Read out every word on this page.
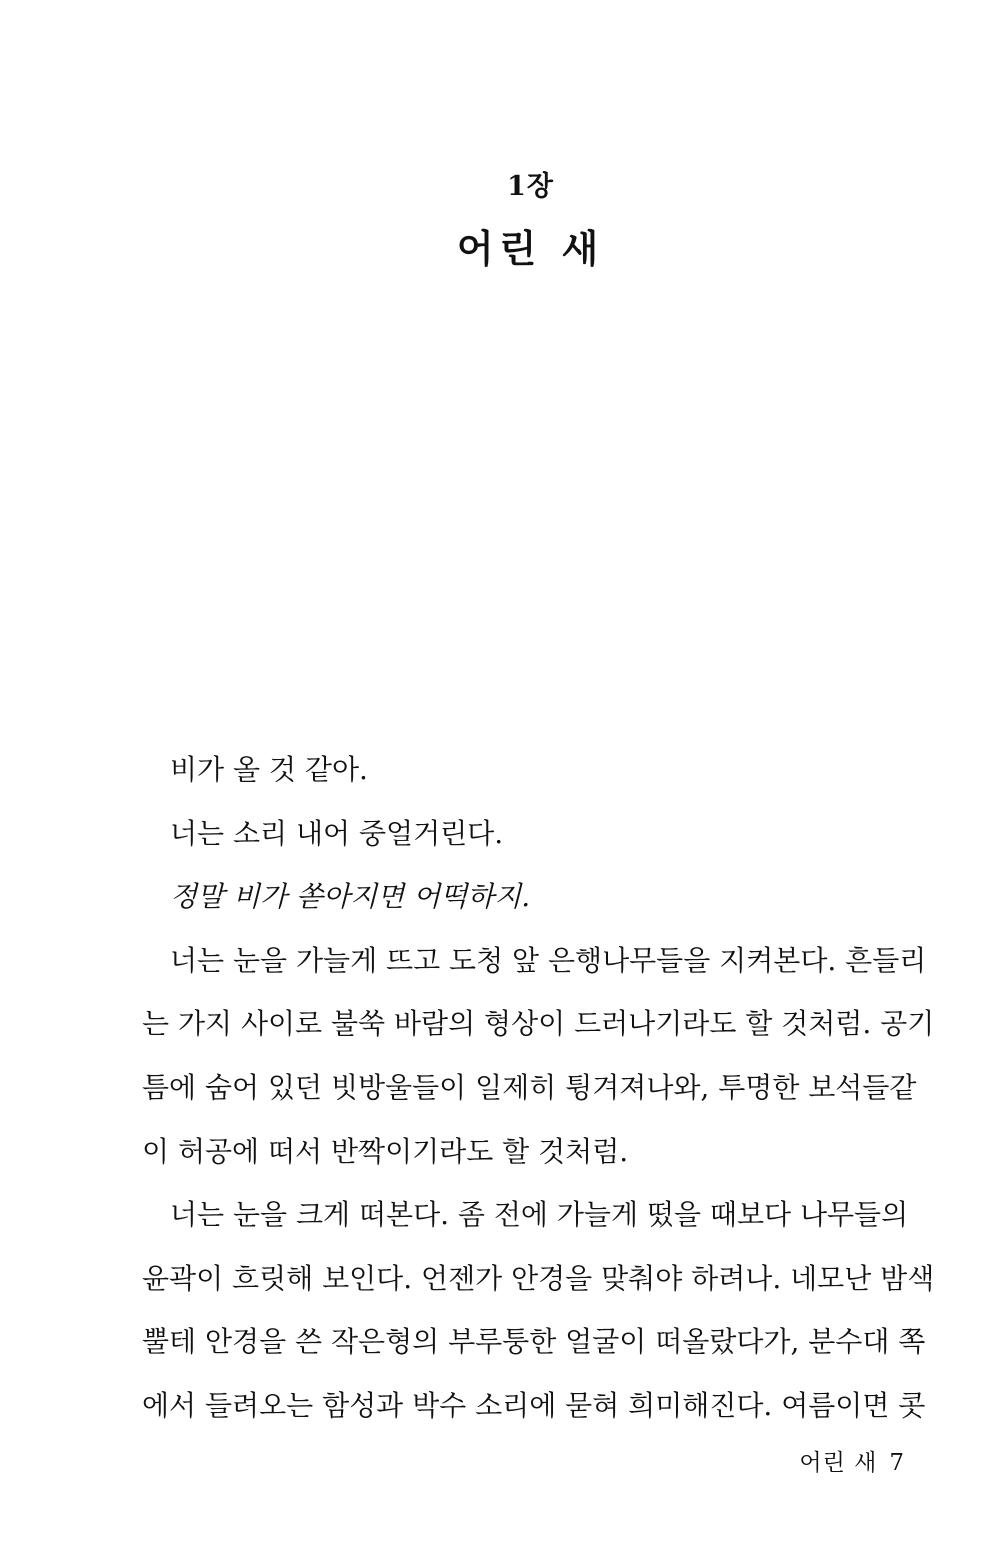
1장
어린 새
비가 올 것 같아.
너는 소리 내어 중얼거린다.
정말 비가 쏟아지면 어떡하지.
너는 눈을 가늘게 뜨고 도청 앞 은행나무들을 지켜본다. 흔들리
는 가지 사이로 불쑥 바람의 형상이 드러나기라도 할 것처럼. 공기
틈에 숨어 있던 빗방울들이 일제히 튕겨져나와, 투명한 보석들같
이 허공에 떠서 반짝이기라도 할 것처럼.
너는 눈을 크게 떠본다. 좀 전에 가늘게 떴을 때보다 나무들의
윤곽이 흐릿해 보인다. 언젠가 안경을 맞춰야 하려나. 네모난 밤색
뿔테 안경을 쓴 작은형의 부루퉁한 얼굴이 떠올랐다가, 분수대 쪽
에서 들려오는 함성과 박수 소리에 묻혀 희미해진다. 여름이면 콧
어린 새 7
